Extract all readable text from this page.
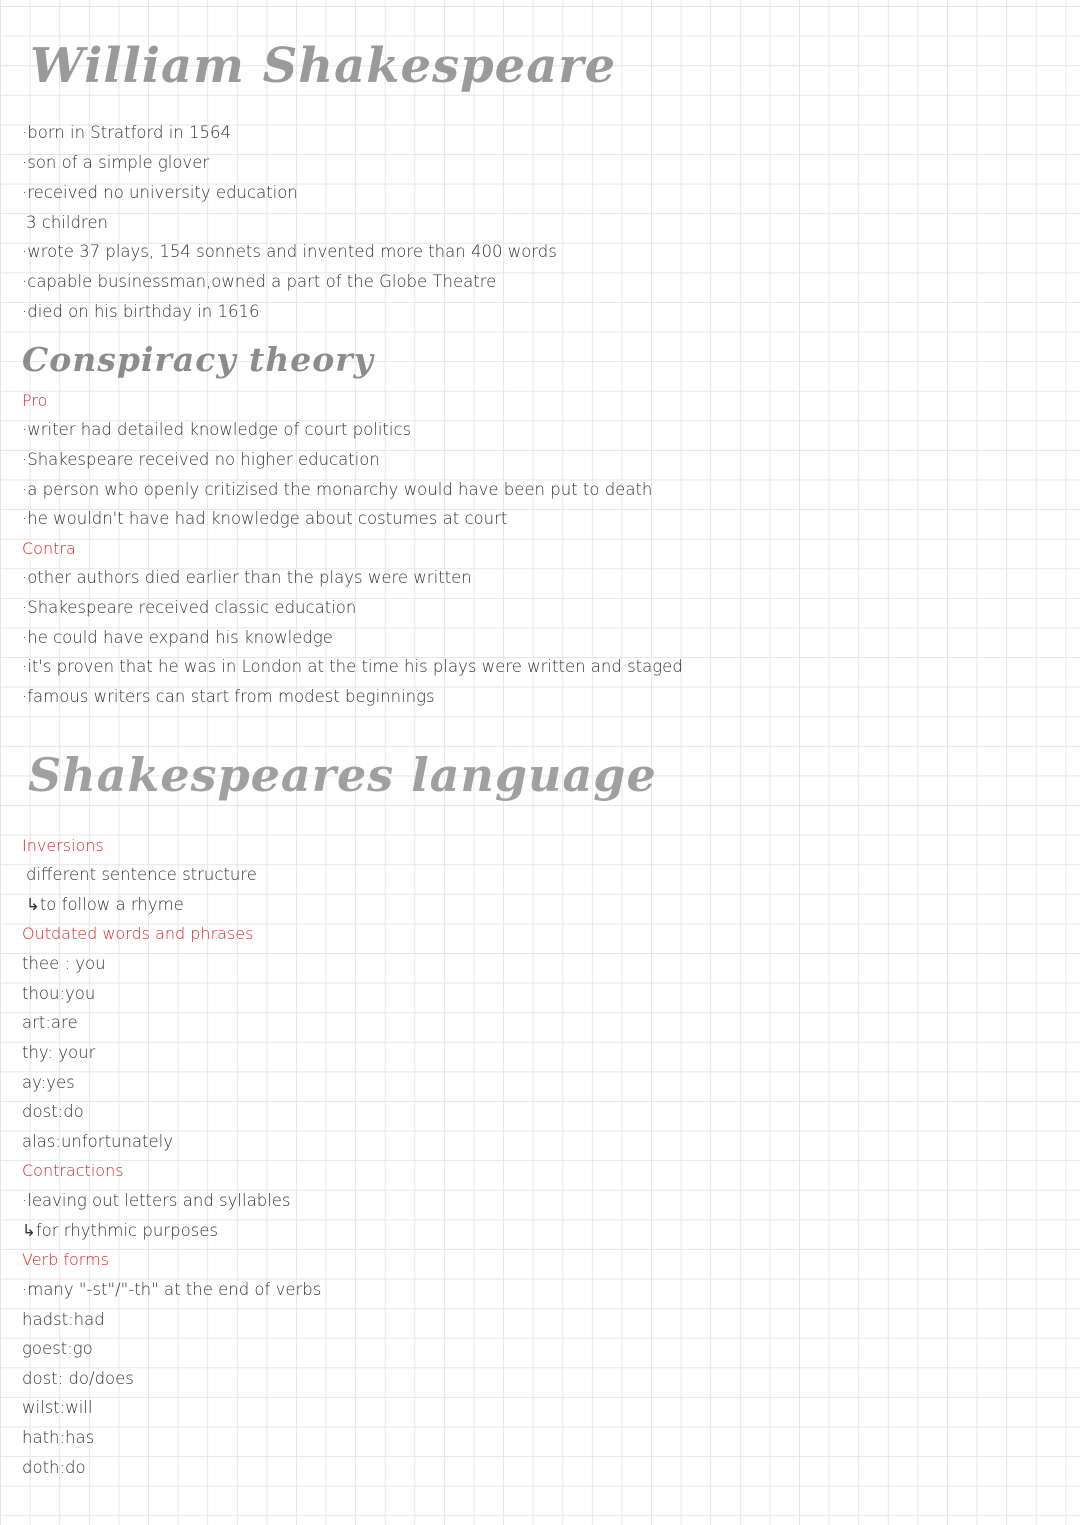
William Shakespeare

·born in Stratford in 1564

·son of a simple glover

·received no university education

3 children

·wrote 37 plays, 154 sonnets and invented more than 400 words

·capable businessman,owned a part of the Globe Theatre

·died on his birthday in 1616

Conspiracy theory

Pro

·writer had detailed knowledge of court politics

·Shakespeare received no higher education

·a person who openly critizised the monarchy would have been put to death

·he wouldn't have had knowledge about costumes at court

Contra

·other authors died earlier than the plays were written

·Shakespeare received classic education

·he could have expand his knowledge

·it's proven that he was in London at the time his plays were written and staged

·famous writers can start from modest beginnings

Shakespeares language

Inversions

different sentence structure

↳to follow a rhyme

Outdated words and phrases

thee : you

thou:you

art:are

thy: your

ay:yes

dost:do

alas:unfortunately

Contractions

·leaving out letters and syllables

↳for rhythmic purposes

Verb forms

·many "-st"/"-th" at the end of verbs

hadst:had

goest:go

dost: do/does

wilst:will

hath:has

doth:do
